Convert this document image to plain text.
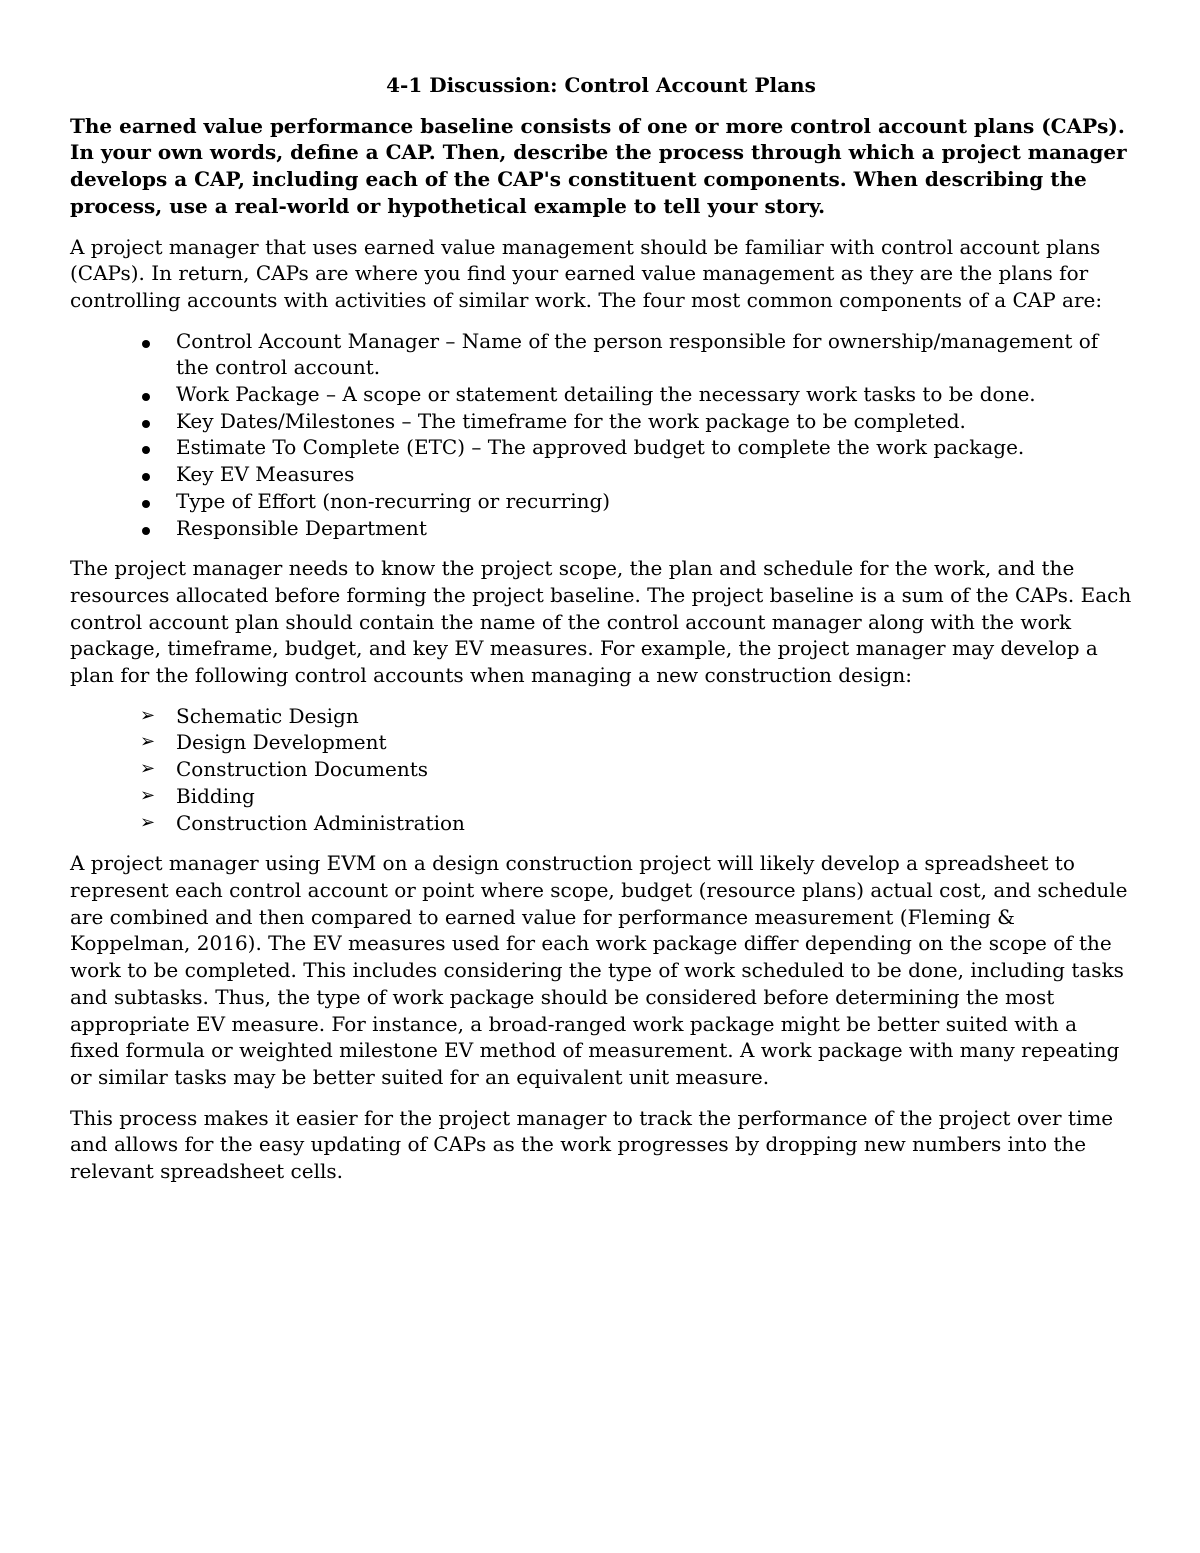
4-1 Discussion: Control Account Plans
The earned value performance baseline consists of one or more control account plans (CAPs). In your own words, define a CAP. Then, describe the process through which a project manager develops a CAP, including each of the CAP's constituent components. When describing the process, use a real-world or hypothetical example to tell your story.

A project manager that uses earned value management should be familiar with control account plans (CAPs). In return, CAPs are where you find your earned value management as they are the plans for controlling accounts with activities of similar work. The four most common components of a CAP are:

Control Account Manager – Name of the person responsible for ownership/management of the control account.
Work Package – A scope or statement detailing the necessary work tasks to be done.
Key Dates/Milestones – The timeframe for the work package to be completed.
Estimate To Complete (ETC) – The approved budget to complete the work package.
Key EV Measures
Type of Effort (non-recurring or recurring)
Responsible Department

The project manager needs to know the project scope, the plan and schedule for the work, and the resources allocated before forming the project baseline. The project baseline is a sum of the CAPs. Each control account plan should contain the name of the control account manager along with the work package, timeframe, budget, and key EV measures. For example, the project manager may develop a plan for the following control accounts when managing a new construction design:

➢ Schematic Design
➢ Design Development
➢ Construction Documents
➢ Bidding
➢ Construction Administration

A project manager using EVM on a design construction project will likely develop a spreadsheet to represent each control account or point where scope, budget (resource plans) actual cost, and schedule are combined and then compared to earned value for performance measurement (Fleming & Koppelman, 2016). The EV measures used for each work package differ depending on the scope of the work to be completed. This includes considering the type of work scheduled to be done, including tasks and subtasks. Thus, the type of work package should be considered before determining the most appropriate EV measure. For instance, a broad-ranged work package might be better suited with a fixed formula or weighted milestone EV method of measurement. A work package with many repeating or similar tasks may be better suited for an equivalent unit measure.

This process makes it easier for the project manager to track the performance of the project over time and allows for the easy updating of CAPs as the work progresses by dropping new numbers into the relevant spreadsheet cells.
